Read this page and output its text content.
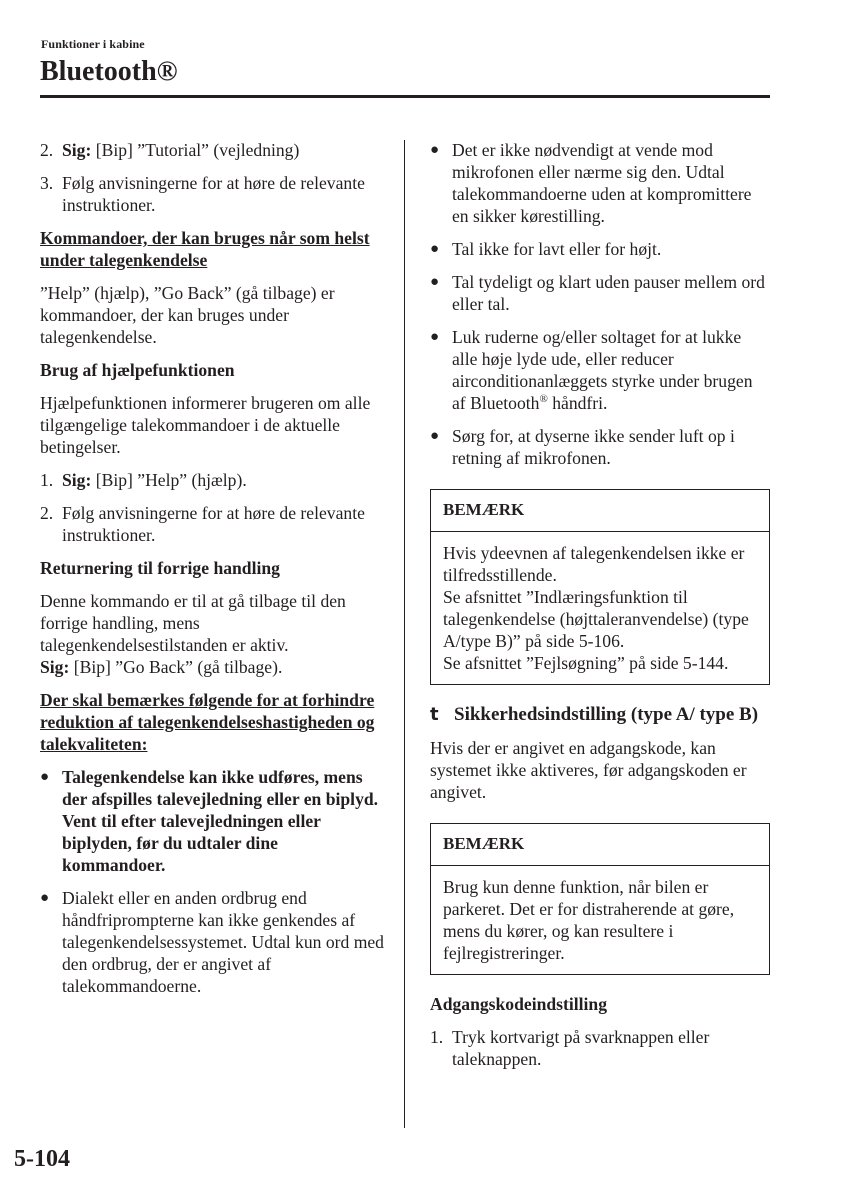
Funktioner i kabine
Bluetooth®
2. Sig: [Bip] ”Tutorial” (vejledning)
3. Følg anvisningerne for at høre de relevante instruktioner.

Kommandoer, der kan bruges når som helst under talegenkendelse

”Help” (hjælp), ”Go Back” (gå tilbage) er kommandoer, der kan bruges under talegenkendelse.

Brug af hjælpefunktionen

Hjælpefunktionen informerer brugeren om alle tilgængelige talekommandoer i de aktuelle betingelser.

1. Sig: [Bip] ”Help” (hjælp).
2. Følg anvisningerne for at høre de relevante instruktioner.

Returnering til forrige handling

Denne kommando er til at gå tilbage til den forrige handling, mens talegenkendelsestilstanden er aktiv.
Sig: [Bip] ”Go Back” (gå tilbage).

Der skal bemærkes følgende for at forhindre reduktion af talegenkendelseshastigheden og talekvaliteten:

● Talegenkendelse kan ikke udføres, mens der afspilles talevejledning eller en biplyd. Vent til efter talevejledningen eller biplyden, før du udtaler dine kommandoer.
● Dialekt eller en anden ordbrug end håndfriprompterne kan ikke genkendes af talegenkendelsessystemet. Udtal kun ord med den ordbrug, der er angivet af talekommandoerne.
● Det er ikke nødvendigt at vende mod mikrofonen eller nærme sig den. Udtal talekommandoerne uden at kompromittere en sikker kørestilling.
● Tal ikke for lavt eller for højt.
● Tal tydeligt og klart uden pauser mellem ord eller tal.
● Luk ruderne og/eller soltaget for at lukke alle høje lyde ude, eller reducer airconditionanlæggets styrke under brugen af Bluetooth® håndfri.
● Sørg for, at dyserne ikke sender luft op i retning af mikrofonen.
BEMÆRK
Hvis ydeevnen af talegenkendelsen ikke er tilfredsstillende.
Se afsnittet ”Indlæringsfunktion til talegenkendelse (højttaleranvendelse) (type A/type B)” på side 5-106.
Se afsnittet ”Fejlsøgning” på side 5-144.
t Sikkerhedsindstilling (type A/ type B)

Hvis der er angivet en adgangskode, kan systemet ikke aktiveres, før adgangskoden er angivet.

BEMÆRK
Brug kun denne funktion, når bilen er parkeret. Det er for distraherende at gøre, mens du kører, og kan resultere i fejlregistreringer.

Adgangskodeindstilling

1. Tryk kortvarigt på svarknappen eller taleknappen.
5-104
